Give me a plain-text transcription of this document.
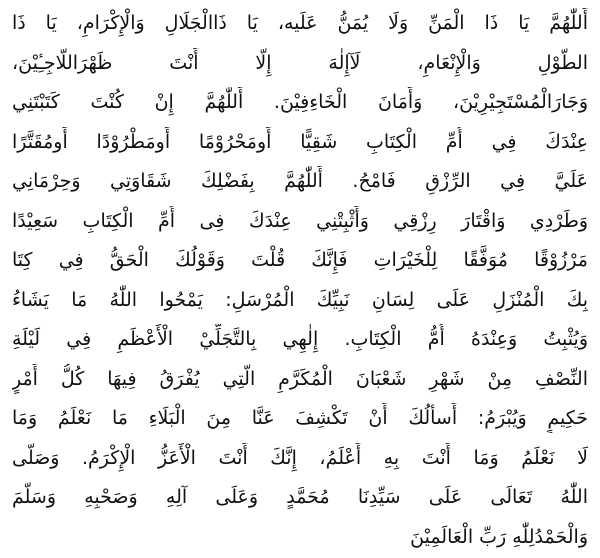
أَللّٰهُمَّ يَا ذَا الْمَنِّ وَلَا يُمَنُّ عَلَيه، يَا ذَاالْجَلَالِ وَالْإِكْرَامِ، يَا ذَا
الطَّوْلِ وَالْإِنْعَامِ، لَآإِلٰهَ إِلَّا أَنْتَ ظَهْرَاللَّاجِـِٔيْنَ،
وَجَارَالْمُسْتَجِيْرِيْنَ، وَأَمَانَ الْخَاءِفِيْنَ. أَللّٰهُمَّ إِنْ كُنْتَ كَتَبْتَنِي
عِنْدَكَ فِي أُمِّ الْكِتَابِ شَقِيًّا أَومَحْرُوْمًا أَومَطْرُوْدًا أَومُقَتَّرًا
عَلَيَّ فِي الرِّزْقِ فَامْحُ. أَللّٰهُمَّ بِفَضْلِكَ شَقَاوَتِي وَحِرْمَانِي
وَطَرْدِي وَاقْتَارَ رِزْقِي وَأَثْبِتْنِي عِنْدَكَ فِى أُمِّ الْكِتَابِ سَعِيْدًا
مَرْزُوْقًا مُوَفَّقًا لِلْخَيْرَاتِ فَإِنَّكَ قُلْتَ وَقَوْلُكَ الْحَقُّ فِي كِتَا
بِكَ الْمُنْزَلِ عَلَى لِسَانِ نَبِيِّكَ الْمُرْسَلِ: يَمْحُوا اللّٰهُ مَا يَشَاءُ
وَيُثْبِتُ وَعِنْدَهُ أُمُّ الْكِتَابِ. إِلٰهِي بِالتَّجَلِّيْ الْأَعْظَمِ فِي لَيْلَةِ
النِّصْفِ مِنْ شَهْرِ شَعْبَانَ الْمُكَرَّمِ الَّتِي يُفْرَقُ فِيهَا كُلُّ أَمْرٍ
حَكِيمٍ وَيُبْرَمُ: أَسأَلُكَ أَنْ تَكْشِفَ عَنَّا مِنَ الْبَلَاءِ مَا نَعْلَمُ وَمَا
لَا نَعْلَمُ وَمَا أَنْتَ بِهِ أَعْلَمُ، إِنَّكَ أَنْتَ الْأَعَزُّ الْإِكْرَمُ. وَصَلَّى
اللّٰهُ تَعَالَى عَلَى سَيِّدِنَا مُحَمَّدٍ وَعَلَى آلِهِ وَصَحْبِهِ وَسَلَّمَ
وَالْحَمْدُلِلّٰهِ رَبِّ الْعَالَمِيْنَ
